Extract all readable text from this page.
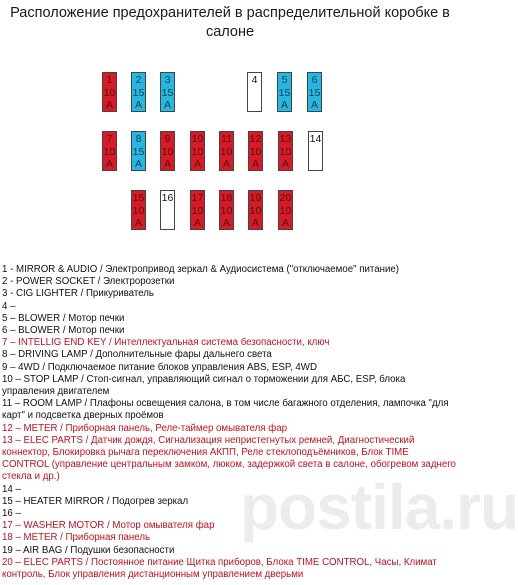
Расположение предохранителей в распределительной коробке в салоне
1
10
A
2
15
A
3
15
A
4	5
15
A
6
15
A
7
10
A
8
15
A
9
10
A
10
10
A
11
10
A
12
10
A
13
10
A
14
15
10
A
16 17
10
A
18
10
A
19
10
A
20
10
A
1 - MIRROR & AUDIO / Электропривод зеркал & Аудиосистема ("отключаемое" питание)
2 - POWER SOCKET / Электророзетки
3 - CIG LIGHTER / Прикуриватель
4 –
5 – BLOWER / Мотор печки
6 – BLOWER / Мотор печки
7 – INTELLIG END KEY / Интеллектуальная система безопасности, ключ
8 – DRIVING LAMP / Дополнительные фары дальнего света
9 – 4WD / Подключаемое питание блоков управления ABS, ESP, 4WD
10 – STOP LAMP / Стоп-сигнал, управляющий сигнал о торможении для АБС, ESP, блока управления двигателем
11 – ROOM LAMP / Плафоны освещения салона, в том числе багажного отделения, лампочка "для карт" и подсветка дверных проёмов
12 – METER / Приборная панель, Реле-таймер омывателя фар
13 – ELEC PARTS / Датчик дождя, Сигнализация непристегнутых ремней, Диагностический коннектор, Блокировка рычага переключения АКПП, Реле стеклоподъёмников, Блок TIME CONTROL (управление центральным замком, люком, задержкой света в салоне, обогревом заднего стекла и др.)
14 –
15 – HEATER MIRROR / Подогрев зеркал
16 –
17 – WASHER MOTOR / Мотор омывателя фар
18 – METER / Приборная панель
19 – AIR BAG / Подушки безопасности
20 – ELEC PARTS / Постоянное питание Щитка приборов, Блока TIME CONTROL, Часы, Климат контроль, Блок управления дистанционным управлением дверьми
postila.ru
